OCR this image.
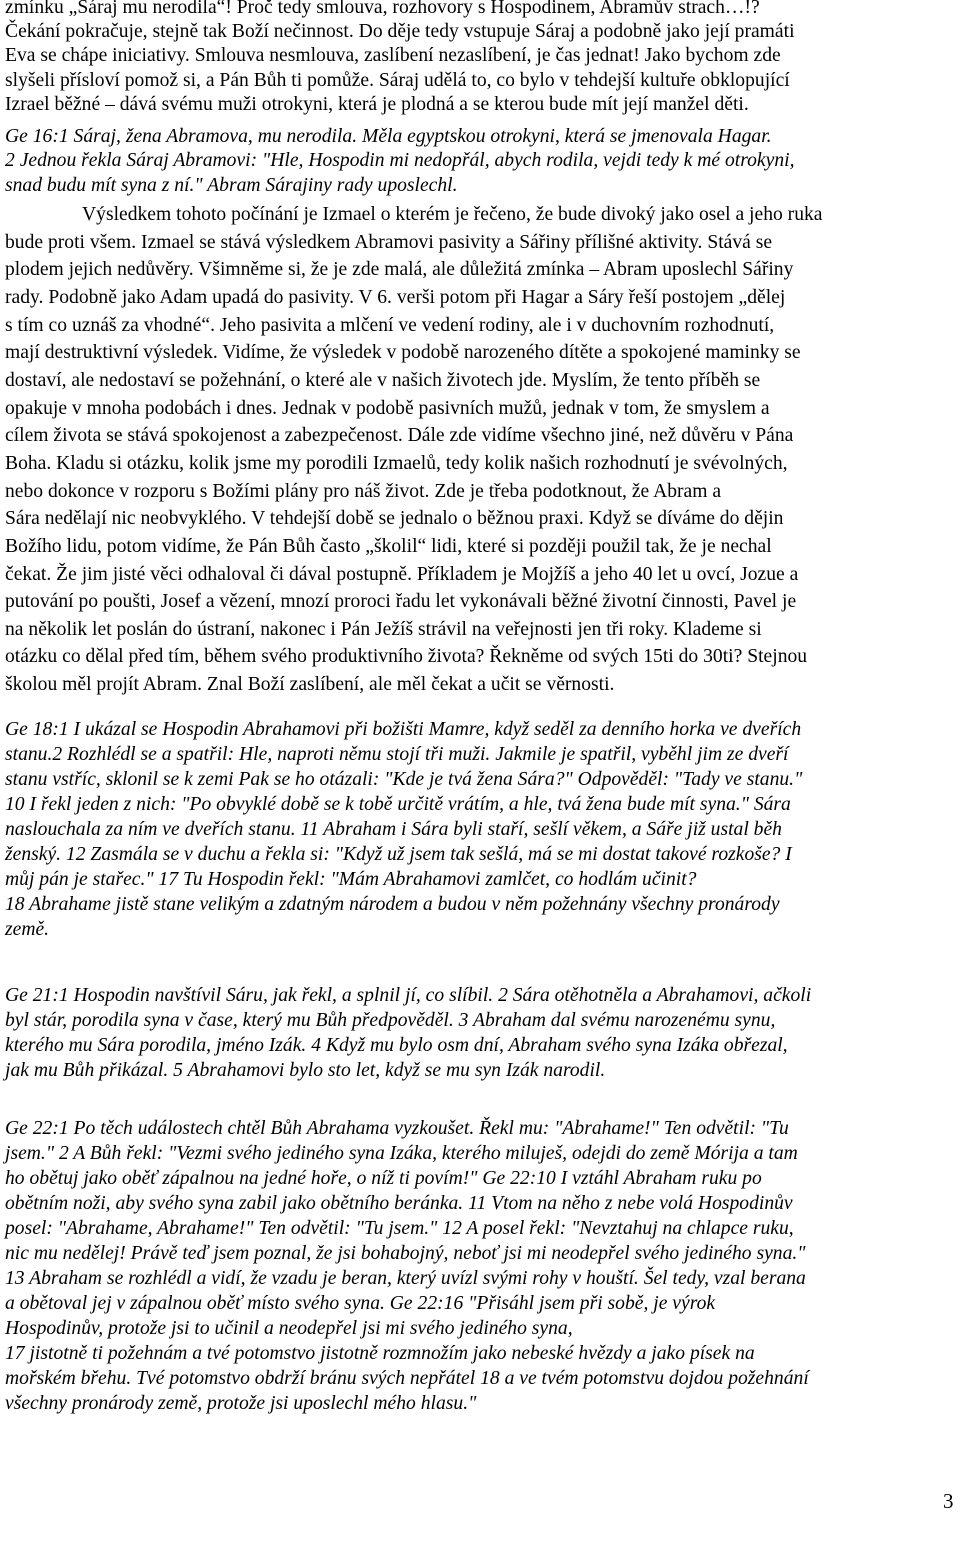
zmínku „Sáraj mu nerodila“! Proč tedy smlouva, rozhovory s Hospodinem, Abramův strach…!?
Čekání pokračuje, stejně tak Boží nečinnost. Do děje tedy vstupuje Sáraj a podobně jako její pramáti
Eva se chápe iniciativy. Smlouva nesmlouva, zaslíbení nezaslíbení, je čas jednat! Jako bychom zde
slyšeli přísloví pomož si, a Pán Bůh ti pomůže. Sáraj udělá to, co bylo v tehdejší kultuře obklopující
Izrael běžné – dává svému muži otrokyni, která je plodná a se kterou bude mít její manžel děti.
Ge 16:1 Sáraj, žena Abramova, mu nerodila. Měla egyptskou otrokyni, která se jmenovala Hagar.
2 Jednou řekla Sáraj Abramovi: "Hle, Hospodin mi nedopřál, abych rodila, vejdi tedy k mé otrokyni,
snad budu mít syna z ní." Abram Sárajiny rady uposlechl.
Výsledkem tohoto počínání je Izmael o kterém je řečeno, že bude divoký jako osel a jeho ruka
bude proti všem. Izmael se stává výsledkem Abramovi pasivity a Sářiny přílišné aktivity. Stává se
plodem jejich nedůvěry. Všimněme si, že je zde malá, ale důležitá zmínka – Abram uposlechl Sářiny
rady. Podobně jako Adam upadá do pasivity. V 6. verši potom při Hagar a Sáry řeší postojem „dělej
s tím co uznáš za vhodné“. Jeho pasivita a mlčení ve vedení rodiny, ale i v duchovním rozhodnutí,
mají destruktivní výsledek. Vidíme, že výsledek v podobě narozeného dítěte a spokojené maminky se
dostaví, ale nedostaví se požehnání, o které ale v našich životech jde. Myslím, že tento příběh se
opakuje v mnoha podobách i dnes. Jednak v podobě pasivních mužů, jednak v tom, že smyslem a
cílem života se stává spokojenost a zabezpečenost. Dále zde vidíme všechno jiné, než důvěru v Pána
Boha. Kladu si otázku, kolik jsme my porodili Izmaelů, tedy kolik našich rozhodnutí je svévolných,
nebo dokonce v rozporu s Božími plány pro náš život. Zde je třeba podotknout, že Abram a
Sára nedělají nic neobvyklého. V tehdejší době se jednalo o běžnou praxi. Když se díváme do dějin
Božího lidu, potom vidíme, že Pán Bůh často „školil“ lidi, které si později použil tak, že je nechal
čekat. Že jim jisté věci odhaloval či dával postupně. Příkladem je Mojžíš a jeho 40 let u ovcí, Jozue a
putování po poušti, Josef a vězení, mnozí proroci řadu let vykonávali běžné životní činnosti, Pavel je
na několik let poslán do ústraní, nakonec i Pán Ježíš strávil na veřejnosti jen tři roky. Klademe si
otázku co dělal před tím, během svého produktivního života? Řekněme od svých 15ti do 30ti? Stejnou
školou měl projít Abram. Znal Boží zaslíbení, ale měl čekat a učit se věrnosti.
Ge 18:1 I ukázal se Hospodin Abrahamovi při božišti Mamre, když seděl za denního horka ve dveřích
stanu.2 Rozhlédl se a spatřil: Hle, naproti němu stojí tři muži. Jakmile je spatřil, vyběhl jim ze dveří
stanu vstříc, sklonil se k zemi Pak se ho otázali: "Kde je tvá žena Sára?" Odpověděl: "Tady ve stanu."
10 I řekl jeden z nich: "Po obvyklé době se k tobě určitě vrátím, a hle, tvá žena bude mít syna." Sára
naslouchala za ním ve dveřích stanu. 11 Abraham i Sára byli staří, sešlí věkem, a Sáře již ustal běh
ženský. 12 Zasmála se v duchu a řekla si: "Když už jsem tak sešlá, má se mi dostat takové rozkoše? I
můj pán je stařec." 17 Tu Hospodin řekl: "Mám Abrahamovi zamlčet, co hodlám učinit?
18 Abrahame jistě stane velikým a zdatným národem a budou v něm požehnány všechny pronárody
země.
Ge 21:1 Hospodin navštívil Sáru, jak řekl, a splnil jí, co slíbil. 2 Sára otěhotněla a Abrahamovi, ačkoli
byl stár, porodila syna v čase, který mu Bůh předpověděl. 3 Abraham dal svému narozenému synu,
kterého mu Sára porodila, jméno Izák. 4 Když mu bylo osm dní, Abraham svého syna Izáka obřezal,
jak mu Bůh přikázal. 5 Abrahamovi bylo sto let, když se mu syn Izák narodil.
Ge 22:1 Po těch událostech chtěl Bůh Abrahama vyzkoušet. Řekl mu: "Abrahame!" Ten odvětil: "Tu
jsem." 2 A Bůh řekl: "Vezmi svého jediného syna Izáka, kterého miluješ, odejdi do země Mórija a tam
ho obětuj jako oběť zápalnou na jedné hoře, o níž ti povím!" Ge 22:10 I vztáhl Abraham ruku po
obětním noži, aby svého syna zabil jako obětního beránka. 11 Vtom na něho z nebe volá Hospodinův
posel: "Abrahame, Abrahame!" Ten odvětil: "Tu jsem." 12 A posel řekl: "Nevztahuj na chlapce ruku,
nic mu nedělej! Právě teď jsem poznal, že jsi bohabojný, neboť jsi mi neodepřel svého jediného syna."
13 Abraham se rozhlédl a vidí, že vzadu je beran, který uvízl svými rohy v houští. Šel tedy, vzal berana
a obětoval jej v zápalnou oběť místo svého syna. Ge 22:16 "Přisáhl jsem při sobě, je výrok
Hospodinův, protože jsi to učinil a neodepřel jsi mi svého jediného syna,
17 jistotně ti požehnám a tvé potomstvo jistotně rozmnožím jako nebeské hvězdy a jako písek na
mořském břehu. Tvé potomstvo obdrží bránu svých nepřátel 18 a ve tvém potomstvu dojdou požehnání
všechny pronárody země, protože jsi uposlechl mého hlasu."
3
